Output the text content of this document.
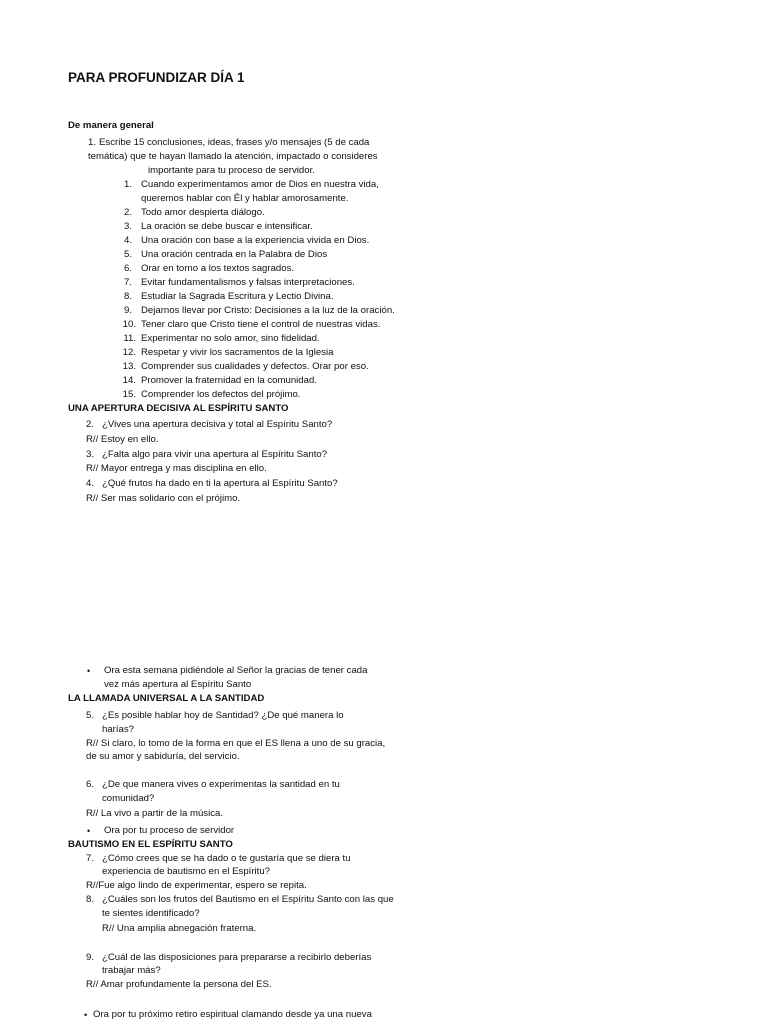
PARA PROFUNDIZAR DÍA 1
De manera general
1. Escribe 15 conclusiones, ideas, frases y/o mensajes (5 de cada
temática) que te hayan llamado la atención, impactado o consideres
importante para tu proceso de servidor.
1. Cuando experimentamos amor de Dios en nuestra vida,
queremos hablar con Él y hablar amorosamente.
2. Todo amor despierta diálogo.
3. La oración se debe buscar e intensificar.
4. Una oración con base a la experiencia vivida en Dios.
5. Una oración centrada en la Palabra de Dios
6. Orar en torno a los textos sagrados.
7. Evitar fundamentalismos y falsas interpretaciones.
8. Estudiar la Sagrada Escritura y Lectio Divina.
9. Dejarnos llevar por Cristo: Decisiones a la luz de la oración.
10. Tener claro que Cristo tiene el control de nuestras vidas.
11. Experimentar no solo amor, sino fidelidad.
12. Respetar y vivir los sacramentos de la Iglesia
13. Comprender sus cualidades y defectos. Orar por eso.
14. Promover la fraternidad en la comunidad.
15. Comprender los defectos del prójimo.
UNA APERTURA DECISIVA AL ESPÍRITU SANTO
2. ¿Vives una apertura decisiva y total al Espíritu Santo?
R// Estoy en ello.
3. ¿Falta algo para vivir una apertura al Espíritu Santo?
R// Mayor entrega y mas disciplina en ello.
4. ¿Qué frutos ha dado en ti la apertura al Espíritu Santo?
R// Ser mas solidario con el prójimo.
• Ora esta semana pidiéndole al Señor la gracias de tener cada
vez más apertura al Espíritu Santo
LA LLAMADA UNIVERSAL A LA SANTIDAD
5. ¿Es posible hablar hoy de Santidad? ¿De qué manera lo
harías?
R// Si claro, lo tomo de la forma en que el ES llena a uno de su gracia,
de su amor y sabiduría, del servicio.
6. ¿De que manera vives o experimentas la santidad en tu
comunidad?
R// La vivo a partir de la música.
• Ora por tu proceso de servidor
BAUTISMO EN EL ESPÍRITU SANTO
7. ¿Cómo crees que se ha dado o te gustaría que se diera tu
experiencia de bautismo en el Espíritu?
R//Fue algo lindo de experimentar, espero se repita.
8. ¿Cuáles son los frutos del Bautismo en el Espíritu Santo con las que
te sientes identificado?
R// Una amplia abnegación fraterna.
9. ¿Cuál de las disposiciones para prepararse a recibirlo deberías
trabajar más?
R// Amar profundamente la persona del ES.
• Ora por tu próximo retiro espiritual clamando desde ya una nueva
